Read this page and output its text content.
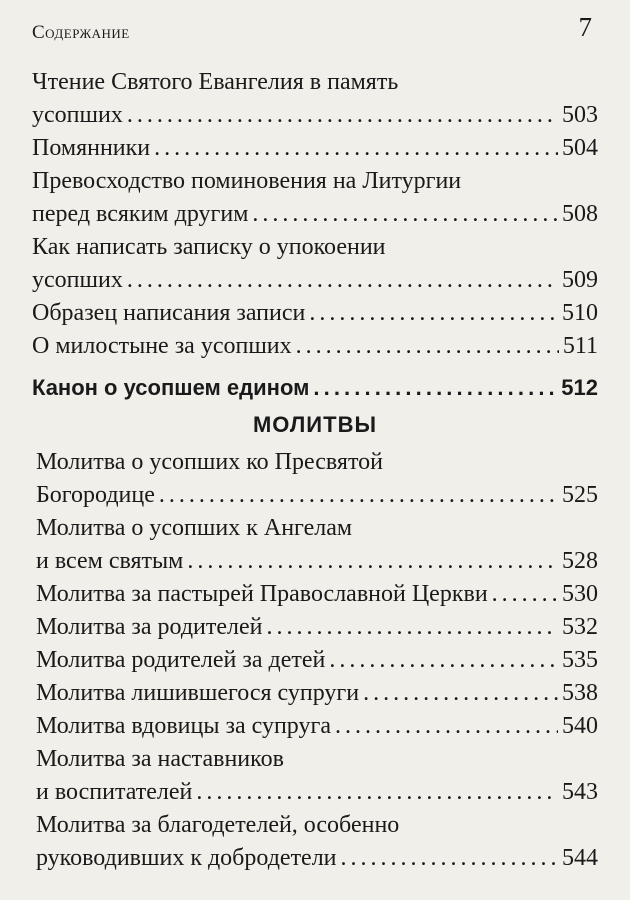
Содержание	7
Чтение Святого Евангелия в память
усопших . . .	503
Помянники . . .	504
Превосходство поминовения на Литургии
перед всяким другим . . .	508
Как написать записку о упокоении
усопших . . .	509
Образец написания записи . . .	510
О милостыне за усопших . . .	511
Канон о усопшем едином . . .	512
МОЛИТВЫ
Молитва о усопших ко Пресвятой
Богородице . . .	525
Молитва о усопших к Ангелам
и всем святым . . .	528
Молитва за пастырей Православной Церкви . . .	530
Молитва за родителей . . .	532
Молитва родителей за детей . . .	535
Молитва лишившегося супруги . . .	538
Молитва вдовицы за супруга . . .	540
Молитва за наставников
и воспитателей . . .	543
Молитва за благодетелей, особенно
руководивших к добродетели . . .	544
